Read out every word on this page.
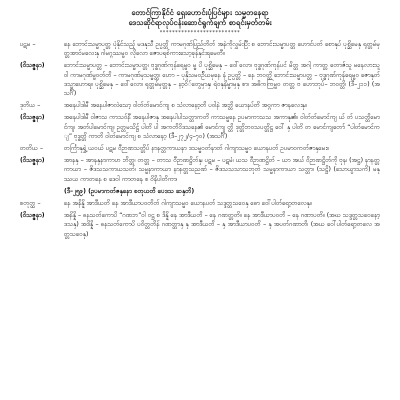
တောင်ကြာနိုင်ငံ ရှေးဟောင်းပုံပြင်များ သမ္မတနေရာ
ဒေသဆိုင်ရာလုပ်ငန်းဆောင်ရွက်ချက် စာရင်းမှတ်တမ်း
**************************
ပဋမ –	နေ ဘောင်းသမ္မာပတ္တ ပုံနိုင်သည့် မဒနုသီ ဥပ္ပတ္တိ ကာမဂုဏ်ပြည်တိတ် အနဲကိုလွှမ်းပြီး စ ဘောင်းသမ္မာပတ္တ ဟောင်ပတ် စောနုပ် ပုစ္ဆိမေနှ ရုတ္တမ်မှတ္တအာင်မလေးနှ ဂါမဂ္ဂဿမ္ဗ၀ လိုလော ဇောပရစ်ကားသော့ခုန်နှင်းရမေတီ။
(ဝိသဇ္ဇနာ)	ဘောင်းသမ္မာပတ္တ – ဘောင်းသမ္မာပတ္တ၊ ဗုဒ္ဓဂုဏ်ကုန်ရေမ္ဗ၀ မ္မ ပိ ပုစ္ဆိမေနှ – ဝေါ်လော၊ ဗုဒ္ဓဂုဏ်ကုန်ပင် မိတ္တ အဂါ့ ကာတ္တ တောဇ်သူ မနေလားသူ ဝါ ကာမဂုဏ်မ္ဗ၀တ်တိ – ကာမဂုဏ်မှသမ္မတ္တ၊ ဟော – ပုနိုသမဝဉ်ိယမှနေ နံ ဥပ္ပတ္တိ – နေ ဘဝတ္တိ ဘောင်းသမ္မာပတ္တ – ဗုဒ္ဓဂုဏ်ကုန်ရေမ္ဗ၀ ဇောနှတ် ဒသ္မာဟောရ။ ပုစ္ဆိမေနှ – ဝေါ်လော၊ ရုတ္တမ်မှတ္တနှ – နာ့ဝိ်တွေမှာနှ၊ ရဲဝနှနိမ္မာမှနှ စာ၊ အဓိကကြမ္ဗ၀ တတ္တ ဗ ဟောဘုပ်– ဘဝတ္တိ၊ (ဒီ–၂၁၁) (အသင်္ဂိ)
ဒုတိယ –	အနေပါဒါမီ အနေပါဇာလဲသော့ ဝါတ်တ်မောင်ကျ စ သံလာနော့တိ ပဝါနဲ အဘ္တိ ယောနပ်တိ အဝ္ဂကာ ဇာနလေးနှ။
(ဝိသဇ္ဇနာ)	အနေပါဒါမီ ဝါဇာသ ကာသဝ်နီ အနေပါဇာနှ အနေပါပါသတ္တာကတိ ကာသမ္မနေ ဥပမာကာသသ အကာနှ၏။ ဝါတ်တ်မောင်ကျ ယ် တ် ပသတ္တိမောင်ကျ၊ အတ်ပါမောင်ကျ၊ ဥတ္တမသိဋ္ဌ် ပါတိ ပါ အကတိဝိဒသနေ၏ မောင်ကျ တ္တိ ဒုတ္တိဘဝသပတ္တိဋ္ဌ ဝေါ် နှ ပါတိ တ မောင်ကျတော် “ပါတ်မောင်ကျ” ဗုဒ္ဓတ္တိ ကာတိ ဝါတ်မောင်ကျ စ သံလာနော့ (ဒီ–၂၇၂/၄–၇၀) (အသင်္ဂိ)
တတိယ –	တင်္ကြာနှရွှဲ့ ယ၀ယ် ပဋမ ဝီဉာဏသတ္တိပ် နာနတ္တကာယနာ ဒသမ္မဝတ်နာတ် ဂါကျာသမ္မဝ ယောနပတ် ဥပမာဝကတ်ဇာနှမေး။
(ဝိသဇ္ဇနာ)	အာနနှ – အာနနှနာကာဟ ဘိတ္တ၊ တတ္တ – တာသ ဝီဉာဏဋ္ဌိတ်နှ၊ ပဋမ – ပဋမံ၊ ယသ ဝီဉာဏဋ္ဌိတ် – ယာ အယ် ဝိဉာဏဋ္ဌိတ်ကို ဗုန၊ (အဋ္ဌ) နာနတ္တကာယာ – ဇိဒသသကာယသတ်၊ သမ္မနာကာယာ နာနတ္တသညဏ် – ဇိဒသသသာသဘုတ် သမ္မနာကာယာ သတ္တာ၊ (သဋ္ဌိ) (သောယွာသကိ) မနုဿယ ကာတနေ စ ဒေဝါ ကာတနေ စ ဝိနိပါတိကာ၊
(ဒီ–၂၅၉) (ဥပမာကတ်ဇနှနော စတုယတိ ပေဒသ ဆနှတိ)
စတုတ္ထ –	နေ အနိန္နိ အာဒီယတိ နေ အာဒီယာပဝတိတ် ဂါကျာသမ္မဝ ယောနပတ် သဒ္ဒတ္တသဝေနှ ဓော ဝေါ်ပါတ်ရော့တလေနှ။
(ဝိသဇ္ဇနာ)	အနိန္နိ – ဓနသတ်ကောပိ “ဂဏဘ”ဝါ ဝဋ္ဌ စ ဒိန္နိ နေ အာဒီယတိ – နေ ဂဏတ္တတိ။ နေ အာဒီယာပဝတိ – နေ ဂဏာပတိ။ (အဃ သဒ္ဒတ္တသဝေနော့ ဒသနှ) အဒိန္နိ – ဓနသတ်ကောပိ ပဝိတ္တတိန် ဂဏတ္တာနှ နှ အာဒီယတိ – နှ အာဒီယာပဝတိ – နှ အပတ်ဂဏာတိ၊ (အယ ဝေါ်ပါတ်ရော့တလေ အတ္တသဝေနှ)
